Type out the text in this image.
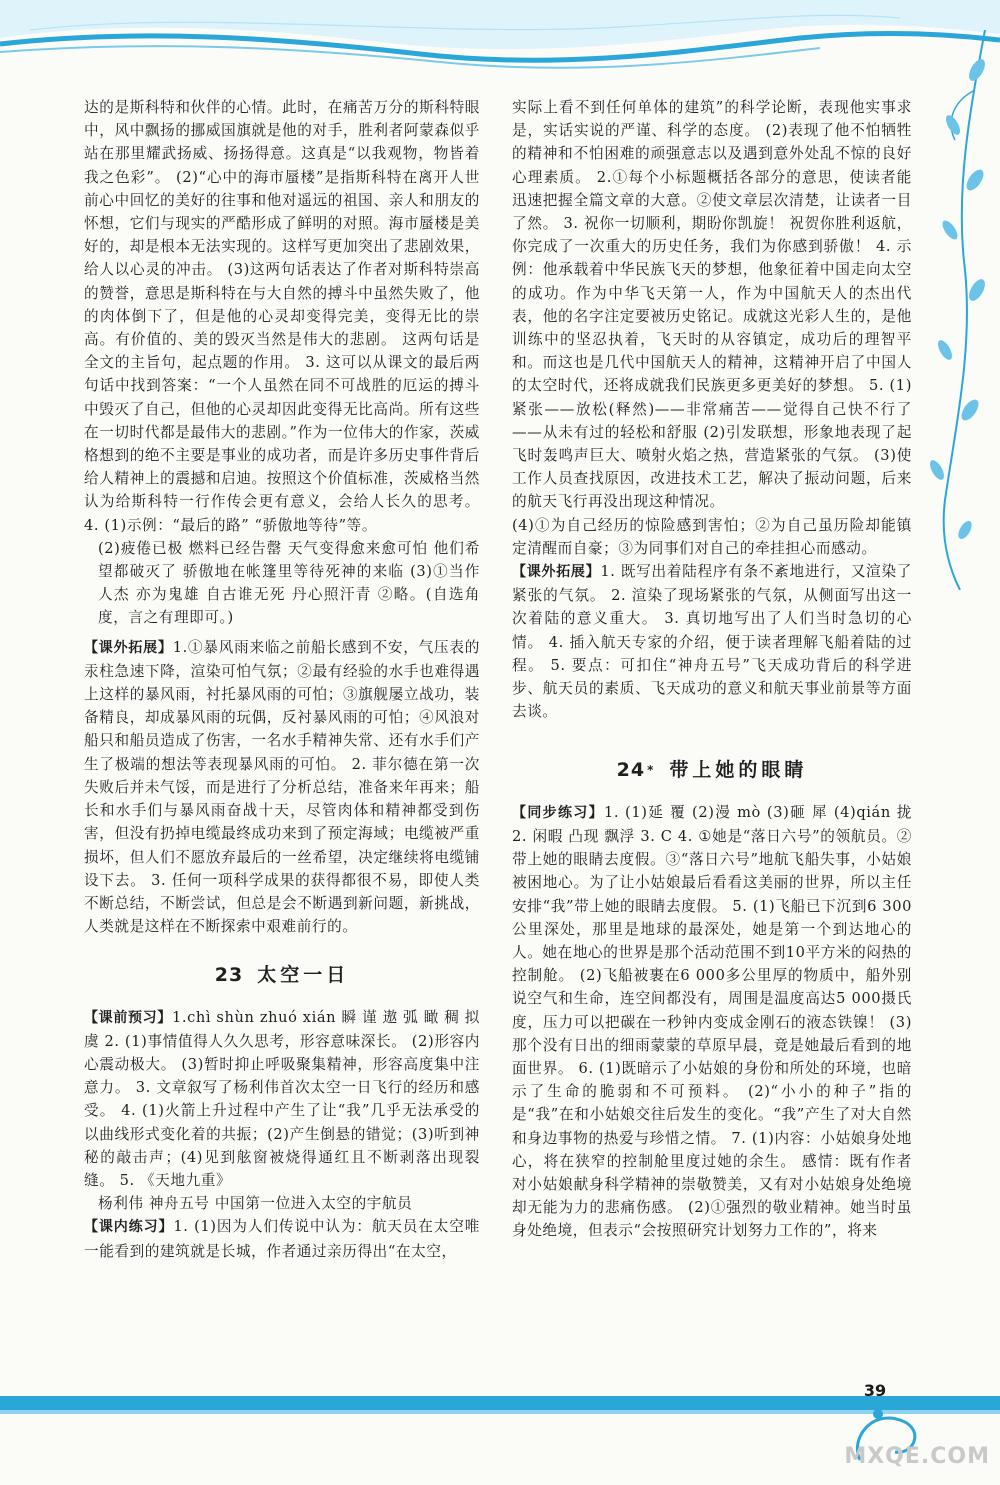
达的是斯科特和伙伴的心情。此时，在痛苦万分的斯科特眼中，风中飘扬的挪威国旗就是他的对手，胜利者阿蒙森似乎站在那里耀武扬威、扬扬得意。这真是“以我观物，物皆着我之色彩”。 (2)“心中的海市蜃楼”是指斯科特在离开人世前心中回忆的美好的往事和他对遥远的祖国、亲人和朋友的怀想，它们与现实的严酷形成了鲜明的对照。海市蜃楼是美好的，却是根本无法实现的。这样写更加突出了悲剧效果，给人以心灵的冲击。 (3)这两句话表达了作者对斯科特崇高的赞誉，意思是斯科特在与大自然的搏斗中虽然失败了，他的肉体倒下了，但是他的心灵却变得完美，变得无比的崇高。有价值的、美的毁灭当然是伟大的悲剧。 这两句话是全文的主旨句，起点题的作用。 3. 这可以从课文的最后两句话中找到答案：“一个人虽然在同不可战胜的厄运的搏斗中毁灭了自己，但他的心灵却因此变得无比高尚。所有这些在一切时代都是最伟大的悲剧。”作为一位伟大的作家，茨威格想到的绝不主要是事业的成功者，而是许多历史事件背后给人精神上的震撼和启迪。按照这个价值标准，茨威格当然认为给斯科特一行作传会更有意义，会给人长久的思考。 4. (1)示例：“最后的路” “骄傲地等待”等。

(2)疲倦已极 燃料已经告罄 天气变得愈来愈可怕 他们希望都破灭了 骄傲地在帐篷里等待死神的来临 (3)①当作人杰 亦为鬼雄 自古谁无死 丹心照汗青 ②略。(自选角度，言之有理即可。)

【课外拓展】1.①暴风雨来临之前船长感到不安，气压表的汞柱急速下降，渲染可怕气氛；②最有经验的水手也难得遇上这样的暴风雨，衬托暴风雨的可怕；③旗舰屡立战功，装备精良，却成暴风雨的玩偶，反衬暴风雨的可怕；④风浪对船只和船员造成了伤害，一名水手精神失常、还有水手们产生了极端的想法等表现暴风雨的可怕。 2. 菲尔德在第一次失败后并未气馁，而是进行了分析总结，准备来年再来；船长和水手们与暴风雨奋战十天，尽管肉体和精神都受到伤害，但没有扔掉电缆最终成功来到了预定海域；电缆被严重损坏，但人们不愿放弃最后的一丝希望，决定继续将电缆铺设下去。 3. 任何一项科学成果的获得都很不易，即使人类不断总结，不断尝试，但总是会不断遇到新问题，新挑战，人类就是这样在不断探索中艰难前行的。

23 太空一日

【课前预习】1.chì shùn zhuó xián 瞬 谨 遨 弧 瞰 稠 拟 虞 2. (1)事情值得人久久思考，形容意味深长。 (2)形容内心震动极大。 (3)暂时抑止呼吸聚集精神，形容高度集中注意力。 3. 文章叙写了杨利伟首次太空一日飞行的经历和感受。 4. (1)火箭上升过程中产生了让“我”几乎无法承受的以曲线形式变化着的共振；(2)产生倒悬的错觉；(3)听到神秘的敲击声；(4)见到舷窗被烧得通红且不断剥落出现裂缝。 5. 《天地九重》

杨利伟 神舟五号 中国第一位进入太空的宇航员

【课内练习】1. (1)因为人们传说中认为：航天员在太空唯一能看到的建筑就是长城，作者通过亲历得出“在太空，

实际上看不到任何单体的建筑”的科学论断，表现他实事求是，实话实说的严谨、科学的态度。 (2)表现了他不怕牺牲的精神和不怕困难的顽强意志以及遇到意外处乱不惊的良好心理素质。 2.①每个小标题概括各部分的意思，使读者能迅速把握全篇文章的大意。②使文章层次清楚，让读者一目了然。 3. 祝你一切顺利，期盼你凯旋！ 祝贺你胜利返航，你完成了一次重大的历史任务，我们为你感到骄傲！ 4. 示例：他承载着中华民族飞天的梦想，他象征着中国走向太空的成功。作为中华飞天第一人，作为中国航天人的杰出代表，他的名字注定要被历史铭记。成就这光彩人生的，是他训练中的坚忍执着，飞天时的从容镇定，成功后的理智平和。而这也是几代中国航天人的精神，这精神开启了中国人的太空时代，还将成就我们民族更多更美好的梦想。 5. (1)紧张——放松(释然)——非常痛苦——觉得自己快不行了——从未有过的轻松和舒服 (2)引发联想，形象地表现了起飞时轰鸣声巨大、喷射火焰之热，营造紧张的气氛。 (3)使工作人员查找原因，改进技术工艺，解决了振动问题，后来的航天飞行再没出现这种情况。

(4)①为自己经历的惊险感到害怕；②为自己虽历险却能镇定清醒而自豪；③为同事们对自己的牵挂担心而感动。

【课外拓展】1. 既写出着陆程序有条不紊地进行，又渲染了紧张的气氛。 2. 渲染了现场紧张的气氛，从侧面写出这一次着陆的意义重大。 3. 真切地写出了人们当时急切的心情。 4. 插入航天专家的介绍，便于读者理解飞船着陆的过程。 5. 要点：可扣住“神舟五号”飞天成功背后的科学进步、航天员的素质、飞天成功的意义和航天事业前景等方面去谈。

24 * 带上她的眼睛

【同步练习】1. (1)延 覆 (2)漫 mò (3)砸 犀 (4)qián 拢 2. 闲暇 凸现 飘浮 3. C 4. ①她是“落日六号”的领航员。②带上她的眼睛去度假。③“落日六号”地航飞船失事，小姑娘被困地心。为了让小姑娘最后看看这美丽的世界，所以主任安排“我”带上她的眼睛去度假。 5. (1)飞船已下沉到6 300公里深处，那里是地球的最深处，她是第一个到达地心的人。她在地心的世界是那个活动范围不到10平方米的闷热的控制舱。 (2)飞船被裹在6 000多公里厚的物质中，船外别说空气和生命，连空间都没有，周围是温度高达5 000摄氏度，压力可以把碳在一秒钟内变成金刚石的液态铁镍！ (3)那个没有日出的细雨蒙蒙的草原早晨，竟是她最后看到的地面世界。 6. (1)既暗示了小姑娘的身份和所处的环境，也暗示了生命的脆弱和不可预料。 (2)“小小的种子”指的是“我”在和小姑娘交往后发生的变化。“我”产生了对大自然和身边事物的热爱与珍惜之情。 7. (1)内容：小姑娘身处地心，将在狭窄的控制舱里度过她的余生。 感情：既有作者对小姑娘献身科学精神的崇敬赞美，又有对小姑娘身处绝境却无能为力的悲痛伤感。 (2)①强烈的敬业精神。她当时虽身处绝境，但表示“会按照研究计划努力工作的”，将来

39
MXQE.COM
